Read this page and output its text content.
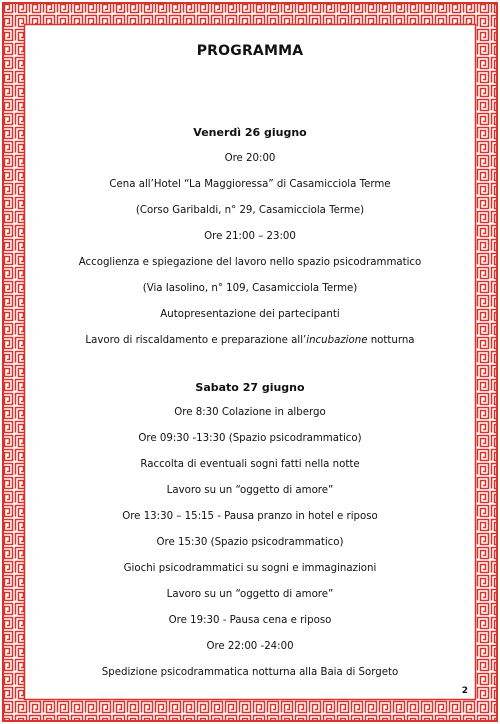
PROGRAMMA
Venerdì 26 giugno
Ore 20:00
Cena all’Hotel “La Maggioressa” di Casamicciola Terme
(Corso Garibaldi, n° 29, Casamicciola Terme)
Ore 21:00 – 23:00
Accoglienza e spiegazione del lavoro nello spazio psicodrammatico
(Via Iasolino, n° 109, Casamicciola Terme)
Autopresentazione dei partecipanti
Lavoro di riscaldamento e preparazione all’incubazione notturna
Sabato 27 giugno
Ore 8:30 Colazione in albergo
Ore 09:30 -13:30 (Spazio psicodrammatico)
Raccolta di eventuali sogni fatti nella notte
Lavoro su un “oggetto di amore”
Ore 13:30 – 15:15 - Pausa pranzo in hotel e riposo
Ore 15:30 (Spazio psicodrammatico)
Giochi psicodrammatici su sogni e immaginazioni
Lavoro su un “oggetto di amore”
Ore 19:30 - Pausa cena e riposo
Ore 22:00 -24:00
Spedizione psicodrammatica notturna alla Baia di Sorgeto
2
